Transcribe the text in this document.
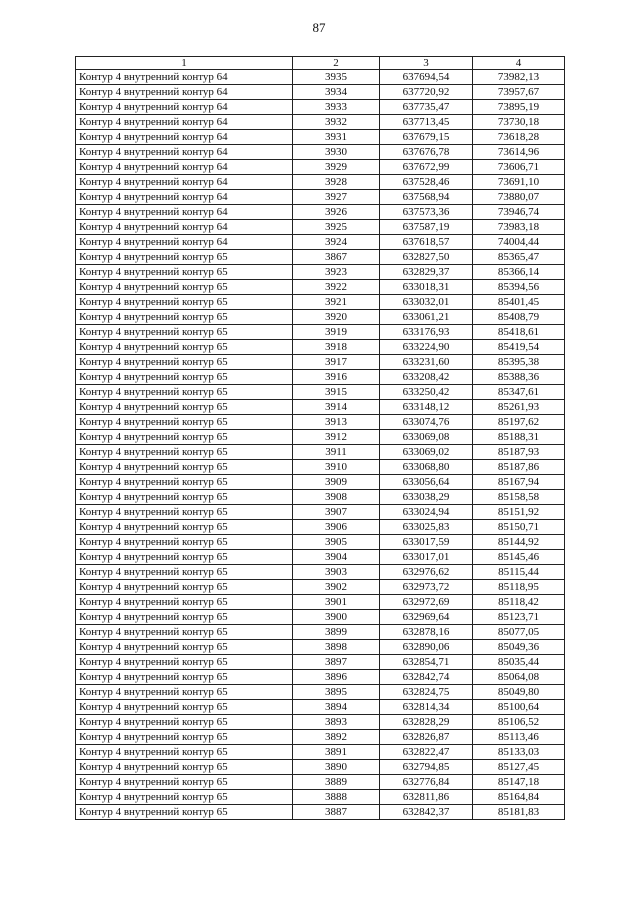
87
1	2	3	4
Контур 4 внутренний контур 64	3935	637694,54	73982,13
Контур 4 внутренний контур 64	3934	637720,92	73957,67
Контур 4 внутренний контур 64	3933	637735,47	73895,19
Контур 4 внутренний контур 64	3932	637713,45	73730,18
Контур 4 внутренний контур 64	3931	637679,15	73618,28
Контур 4 внутренний контур 64	3930	637676,78	73614,96
Контур 4 внутренний контур 64	3929	637672,99	73606,71
Контур 4 внутренний контур 64	3928	637528,46	73691,10
Контур 4 внутренний контур 64	3927	637568,94	73880,07
Контур 4 внутренний контур 64	3926	637573,36	73946,74
Контур 4 внутренний контур 64	3925	637587,19	73983,18
Контур 4 внутренний контур 64	3924	637618,57	74004,44
Контур 4 внутренний контур 65	3867	632827,50	85365,47
Контур 4 внутренний контур 65	3923	632829,37	85366,14
Контур 4 внутренний контур 65	3922	633018,31	85394,56
Контур 4 внутренний контур 65	3921	633032,01	85401,45
Контур 4 внутренний контур 65	3920	633061,21	85408,79
Контур 4 внутренний контур 65	3919	633176,93	85418,61
Контур 4 внутренний контур 65	3918	633224,90	85419,54
Контур 4 внутренний контур 65	3917	633231,60	85395,38
Контур 4 внутренний контур 65	3916	633208,42	85388,36
Контур 4 внутренний контур 65	3915	633250,42	85347,61
Контур 4 внутренний контур 65	3914	633148,12	85261,93
Контур 4 внутренний контур 65	3913	633074,76	85197,62
Контур 4 внутренний контур 65	3912	633069,08	85188,31
Контур 4 внутренний контур 65	3911	633069,02	85187,93
Контур 4 внутренний контур 65	3910	633068,80	85187,86
Контур 4 внутренний контур 65	3909	633056,64	85167,94
Контур 4 внутренний контур 65	3908	633038,29	85158,58
Контур 4 внутренний контур 65	3907	633024,94	85151,92
Контур 4 внутренний контур 65	3906	633025,83	85150,71
Контур 4 внутренний контур 65	3905	633017,59	85144,92
Контур 4 внутренний контур 65	3904	633017,01	85145,46
Контур 4 внутренний контур 65	3903	632976,62	85115,44
Контур 4 внутренний контур 65	3902	632973,72	85118,95
Контур 4 внутренний контур 65	3901	632972,69	85118,42
Контур 4 внутренний контур 65	3900	632969,64	85123,71
Контур 4 внутренний контур 65	3899	632878,16	85077,05
Контур 4 внутренний контур 65	3898	632890,06	85049,36
Контур 4 внутренний контур 65	3897	632854,71	85035,44
Контур 4 внутренний контур 65	3896	632842,74	85064,08
Контур 4 внутренний контур 65	3895	632824,75	85049,80
Контур 4 внутренний контур 65	3894	632814,34	85100,64
Контур 4 внутренний контур 65	3893	632828,29	85106,52
Контур 4 внутренний контур 65	3892	632826,87	85113,46
Контур 4 внутренний контур 65	3891	632822,47	85133,03
Контур 4 внутренний контур 65	3890	632794,85	85127,45
Контур 4 внутренний контур 65	3889	632776,84	85147,18
Контур 4 внутренний контур 65	3888	632811,86	85164,84
Контур 4 внутренний контур 65	3887	632842,37	85181,83
